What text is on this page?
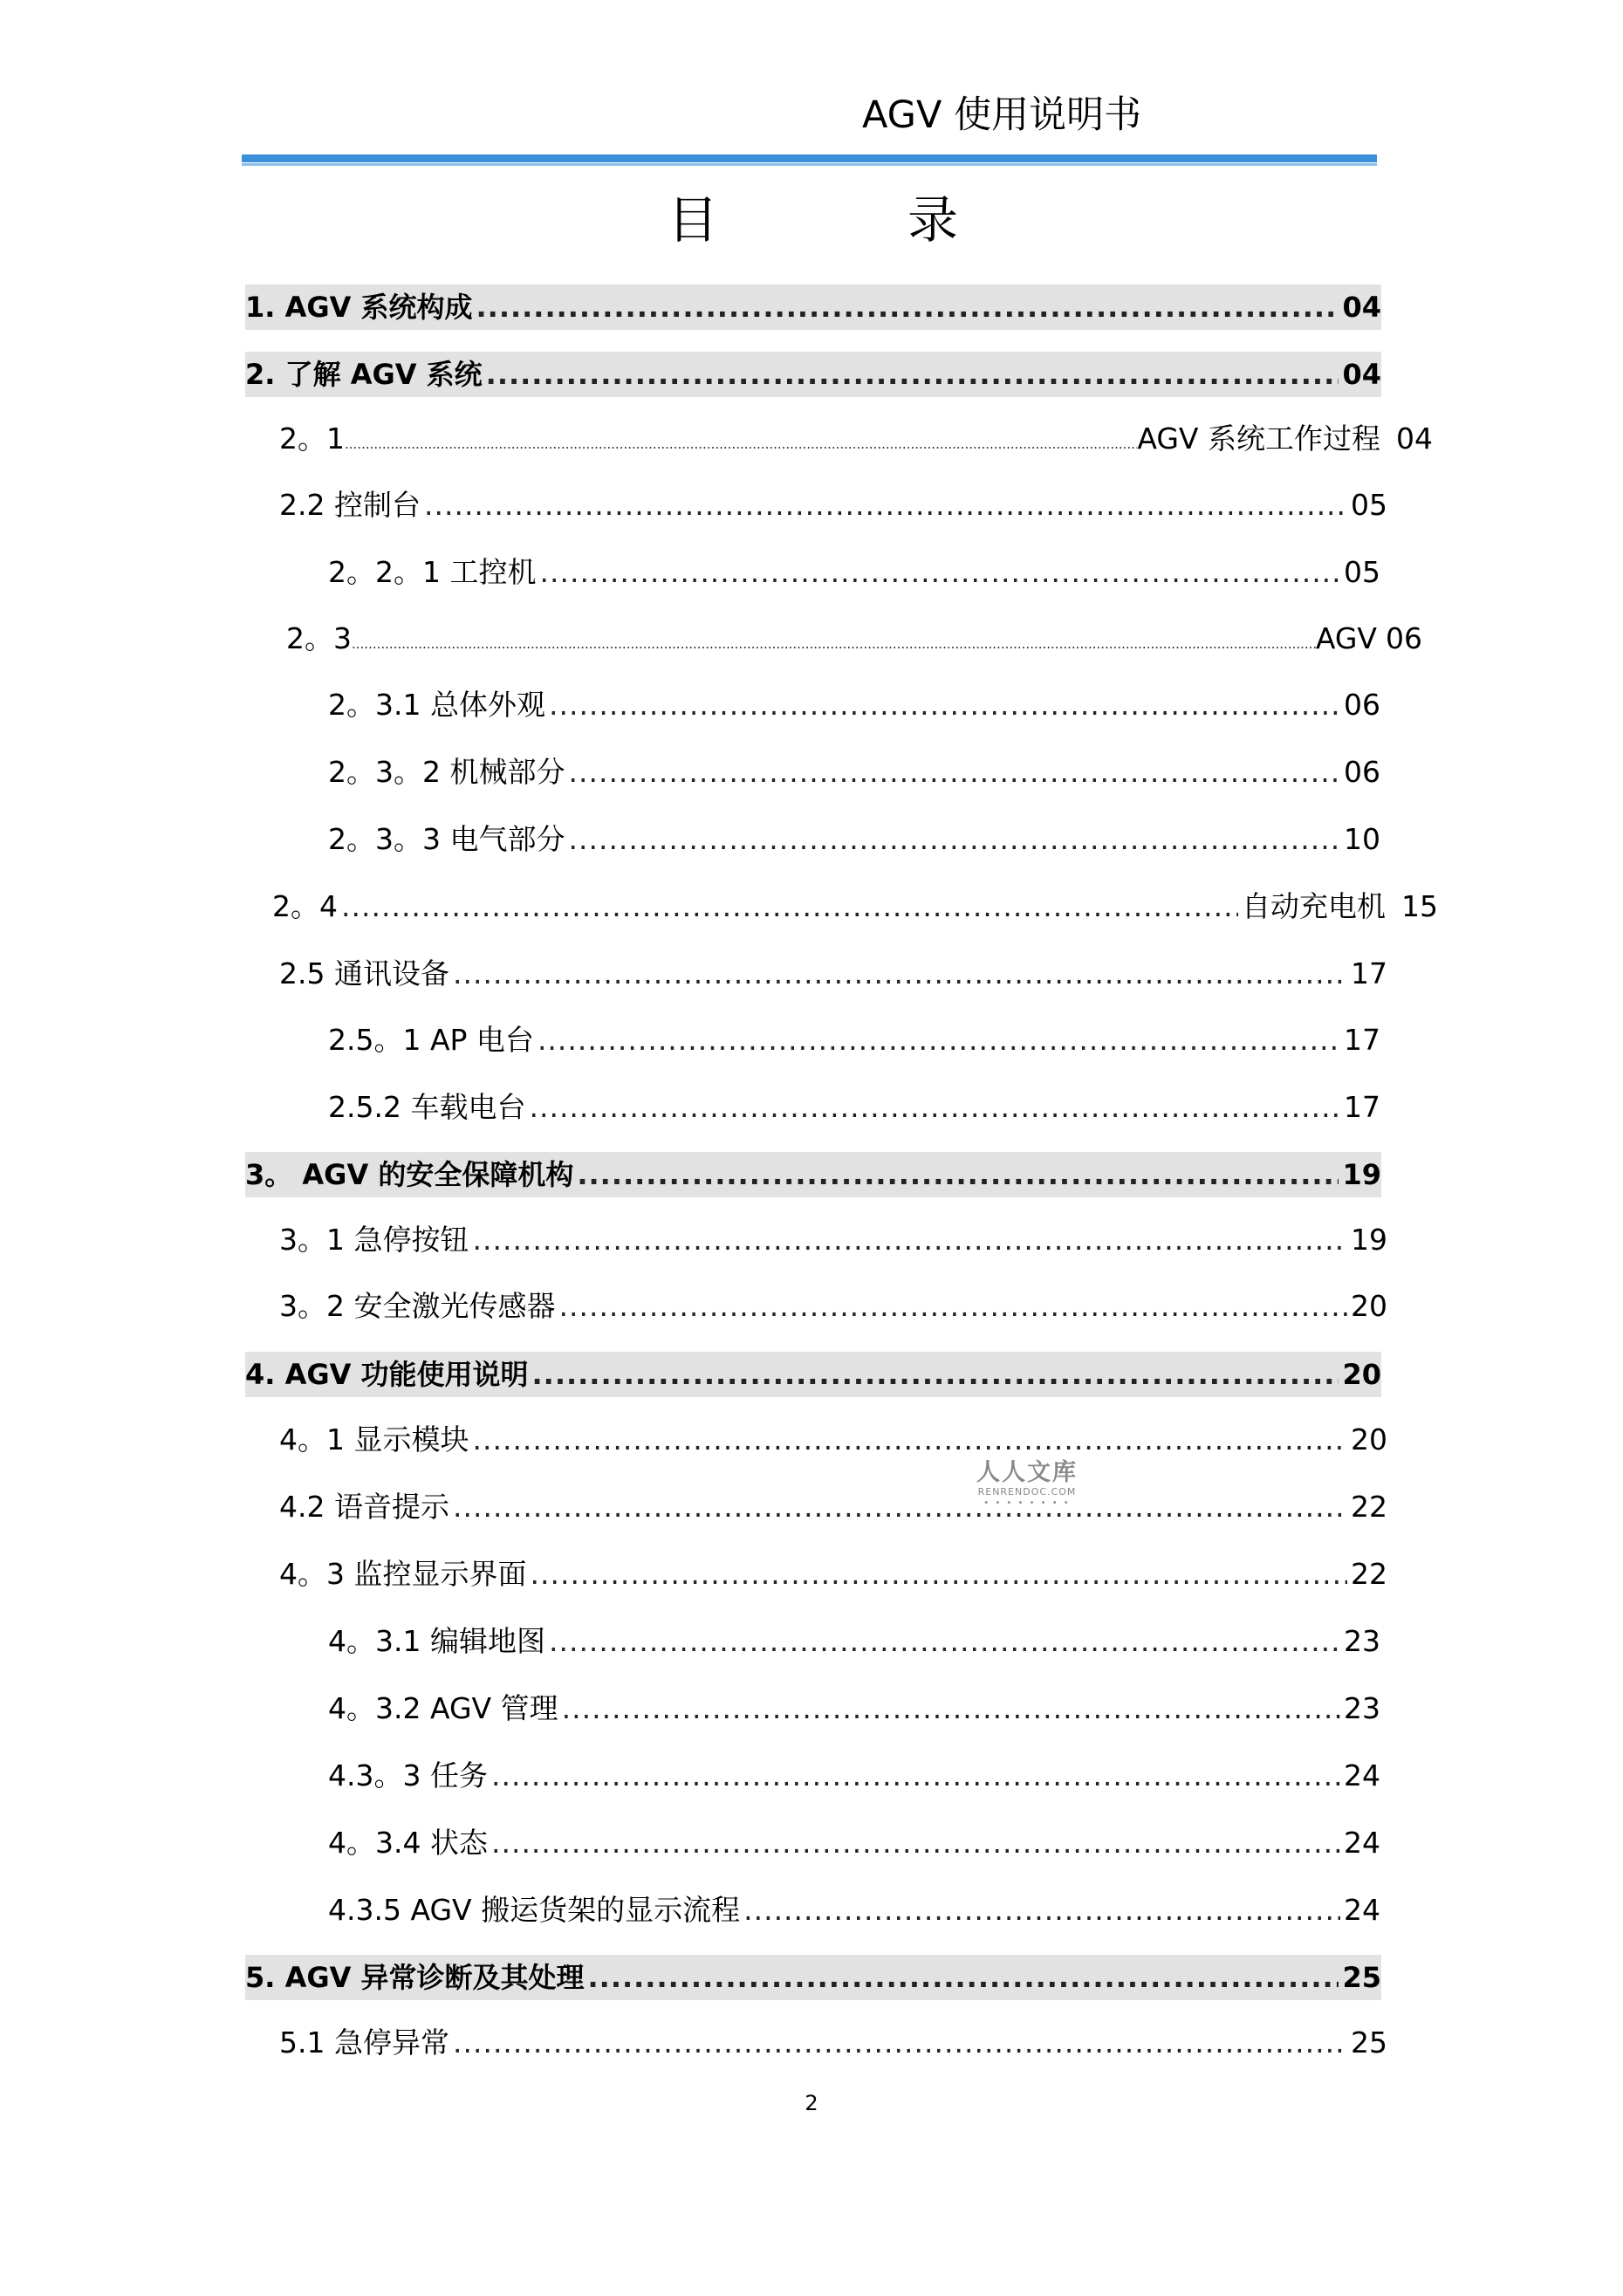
AGV 使用说明书
目	录
1. AGV 系统构成 .....	04
2. 了解 AGV 系统 .....	04
2。1 .....	AGV 系统工作过程 04
2.2 控制台 .....	05
2。2。1 工控机 .....	05
2。3 .....	AGV 06
2。3.1 总体外观 .....	06
2。3。2 机械部分 .....	06
2。3。3 电气部分 .....	10
2。4 .....	自动充电机 15
2.5 通讯设备 .....	17
2.5。1 AP 电台 .....	17
2.5.2 车载电台 .....	17
3。 AGV 的安全保障机构 .....	19
3。1 急停按钮 .....	19
3。2 安全激光传感器 .....	20
4. AGV 功能使用说明 .....	20
4。1 显示模块 .....	20
4.2 语音提示 .....	22
4。3 监控显示界面 .....	22
4。3.1 编辑地图 .....	23
4。3.2 AGV 管理 .....	23
4.3。3 任务 .....	24
4。3.4 状态 .....	24
4.3.5 AGV 搬运货架的显示流程 .....	24
5. AGV 异常诊断及其处理 .....	25
5.1 急停异常 .....	25
人人文库
RENRENDOC.COM
• • • • • • • •
2
